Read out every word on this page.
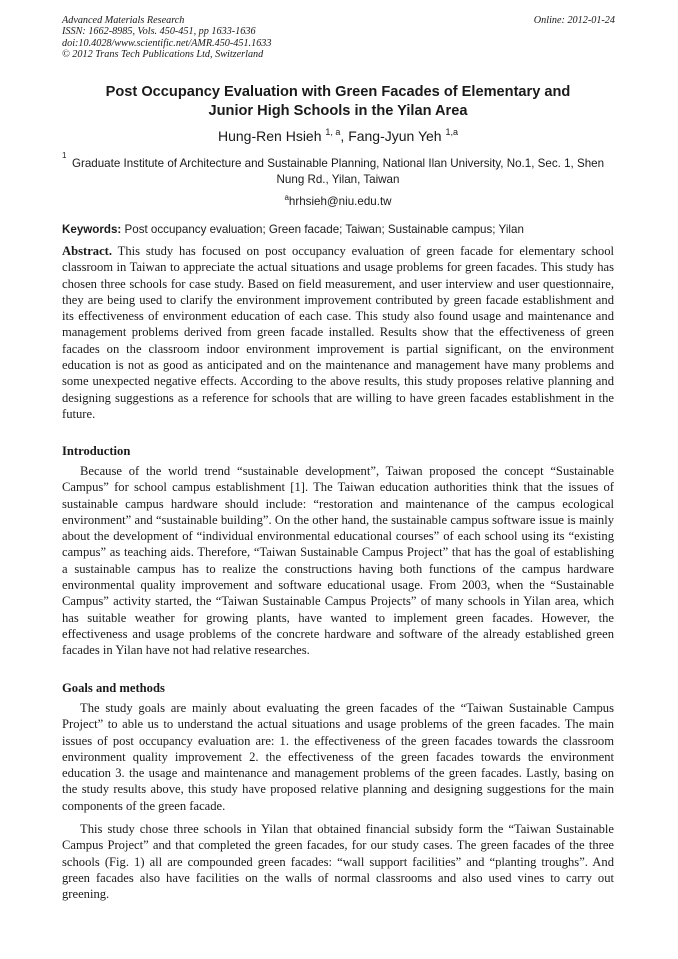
Advanced Materials Research
ISSN: 1662-8985, Vols. 450-451, pp 1633-1636
doi:10.4028/www.scientific.net/AMR.450-451.1633
© 2012 Trans Tech Publications Ltd, Switzerland
Online: 2012-01-24
Post Occupancy Evaluation with Green Facades of Elementary and
Junior High Schools in the Yilan Area
Hung-Ren Hsieh $^{1, a}$, Fang-Jyun Yeh $^{1,a}$
1
Graduate Institute of Architecture and Sustainable Planning, National Ilan University, No.1, Sec. 1, Shen Nung Rd., Yilan, Taiwan
$^a$hrhsieh@niu.edu.tw
Keywords: Post occupancy evaluation; Green facade; Taiwan; Sustainable campus; Yilan
Abstract. This study has focused on post occupancy evaluation of green facade for elementary school classroom in Taiwan to appreciate the actual situations and usage problems for green facades. This study has chosen three schools for case study. Based on field measurement, and user interview and user questionnaire, they are being used to clarify the environment improvement contributed by green facade establishment and its effectiveness of environment education of each case. This study also found usage and maintenance and management problems derived from green facade installed. Results show that the effectiveness of green facades on the classroom indoor environment improvement is partial significant, on the environment education is not as good as anticipated and on the maintenance and management have many problems and some unexpected negative effects. According to the above results, this study proposes relative planning and designing suggestions as a reference for schools that are willing to have green facades establishment in the future.
Introduction
Because of the world trend “sustainable development”, Taiwan proposed the concept “Sustainable Campus” for school campus establishment [1]. The Taiwan education authorities think that the issues of sustainable campus hardware should include: “restoration and maintenance of the campus ecological environment” and “sustainable building”. On the other hand, the sustainable campus software issue is mainly about the development of “individual environmental educational courses” of each school using its “existing campus” as teaching aids. Therefore, “Taiwan Sustainable Campus Project” that has the goal of establishing a sustainable campus has to realize the constructions having both functions of the campus hardware environmental quality improvement and software educational usage. From 2003, when the “Sustainable Campus” activity started, the “Taiwan Sustainable Campus Projects” of many schools in Yilan area, which has suitable weather for growing plants, have wanted to implement green facades. However, the effectiveness and usage problems of the concrete hardware and software of the already established green facades in Yilan have not had relative researches.
Goals and methods
The study goals are mainly about evaluating the green facades of the “Taiwan Sustainable Campus Project” to able us to understand the actual situations and usage problems of the green facades. The main issues of post occupancy evaluation are: 1. the effectiveness of the green facades towards the classroom environment quality improvement 2. the effectiveness of the green facades towards the environment education 3. the usage and maintenance and management problems of the green facades. Lastly, basing on the study results above, this study have proposed relative planning and designing suggestions for the main components of the green facade.
This study chose three schools in Yilan that obtained financial subsidy form the “Taiwan Sustainable Campus Project” and that completed the green facades, for our study cases. The green facades of the three schools (Fig. 1) all are compounded green facades: “wall support facilities” and “planting troughs”. And green facades also have facilities on the walls of normal classrooms and also used vines to carry out greening.
